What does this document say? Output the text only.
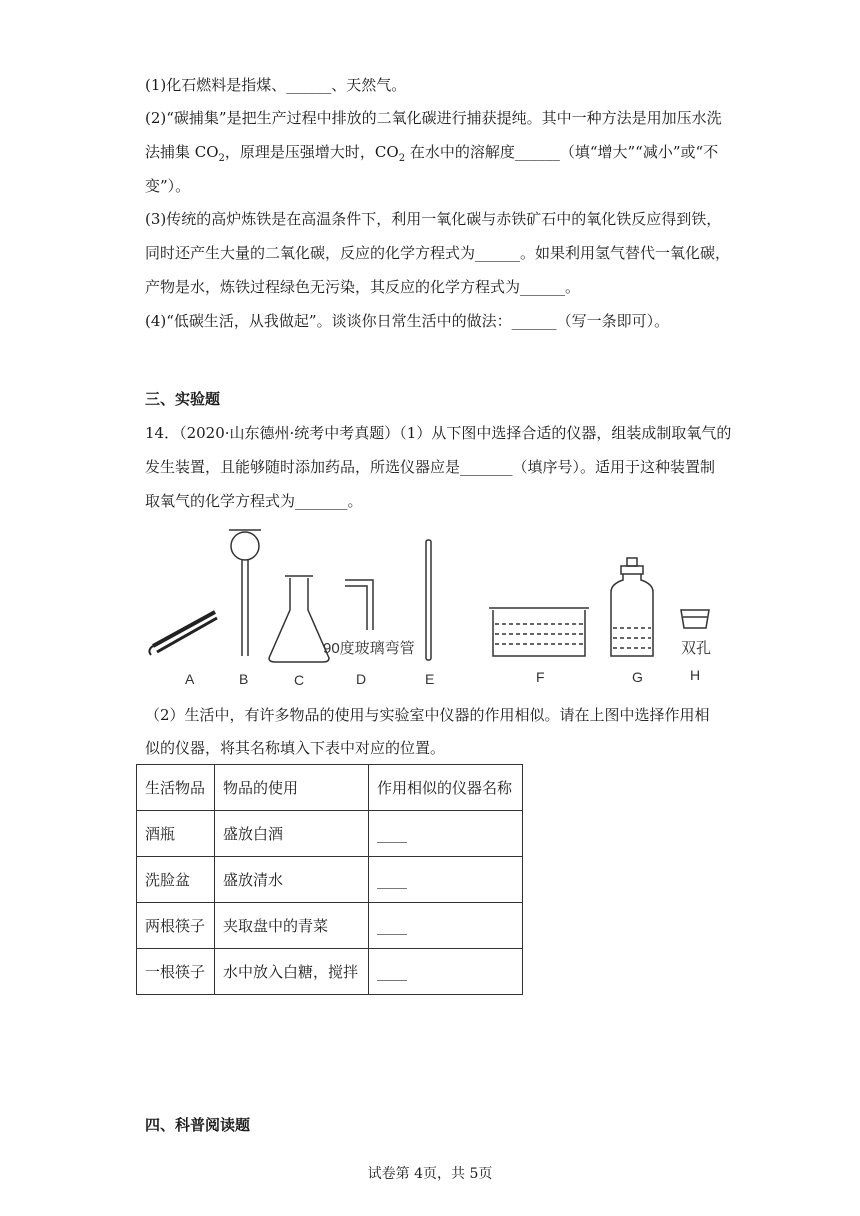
(1)化石燃料是指煤、______、天然气。
(2)“碳捕集”是把生产过程中排放的二氧化碳进行捕获提纯。其中一种方法是用加压水洗
法捕集 $CO_2$，原理是压强增大时，$CO_2$ 在水中的溶解度______（填“增大”“减小”或“不
变”）。
(3)传统的高炉炼铁是在高温条件下，利用一氧化碳与赤铁矿石中的氧化铁反应得到铁，
同时还产生大量的二氧化碳，反应的化学方程式为______。如果利用氢气替代一氧化碳，
产物是水，炼铁过程绿色无污染，其反应的化学方程式为______。
(4)“低碳生活，从我做起”。谈谈你日常生活中的做法：______（写一条即可）。
三、实验题
14．（2020·山东德州·统考中考真题）（1）从下图中选择合适的仪器，组装成制取氧气的
发生装置，且能够随时添加药品，所选仪器应是_______（填序号）。适用于这种装置制
取氧气的化学方程式为_______。
90度玻璃弯管	双孔
A	B	C	D	E	F	G	H
（2）生活中，有许多物品的使用与实验室中仪器的作用相似。请在上图中选择作用相
似的仪器，将其名称填入下表中对应的位置。
生活物品	物品的使用	作用相似的仪器名称
酒瓶	盛放白酒	____
洗脸盆	盛放清水	____
两根筷子	夹取盘中的青菜	____
一根筷子	水中放入白糖，搅拌	____
四、科普阅读题
试卷第 4页，共 5页
